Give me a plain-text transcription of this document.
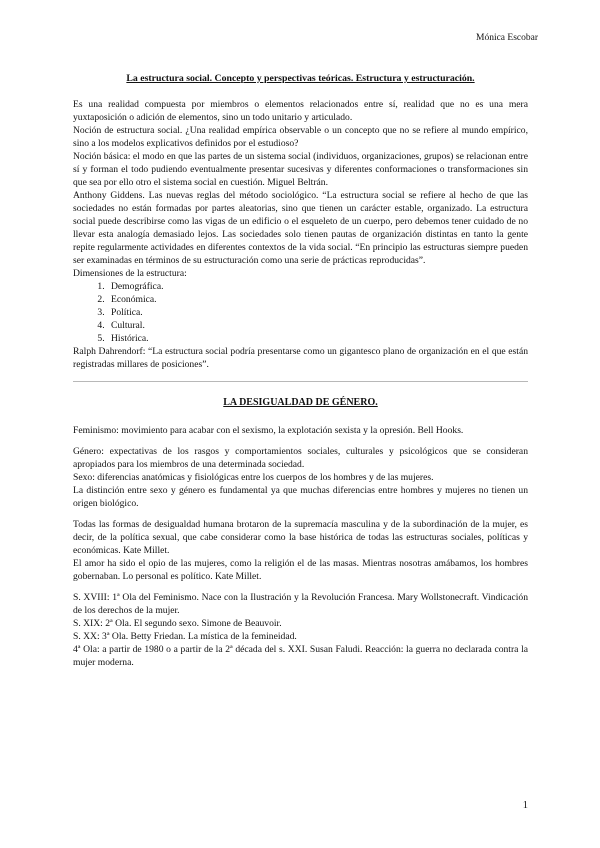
Mónica Escobar
La estructura social. Concepto y perspectivas teóricas. Estructura y estructuración.

Es una realidad compuesta por miembros o elementos relacionados entre sí, realidad que no es una mera yuxtaposición o adición de elementos, sino un todo unitario y articulado.

Noción de estructura social. ¿Una realidad empírica observable o un concepto que no se refiere al mundo empírico, sino a los modelos explicativos definidos por el estudioso?

Noción básica: el modo en que las partes de un sistema social (individuos, organizaciones, grupos) se relacionan entre sí y forman el todo pudiendo eventualmente presentar sucesivas y diferentes conformaciones o transformaciones sin que sea por ello otro el sistema social en cuestión. Miguel Beltrán.

Anthony Giddens. Las nuevas reglas del método sociológico. “La estructura social se refiere al hecho de que las sociedades no están formadas por partes aleatorias, sino que tienen un carácter estable, organizado. La estructura social puede describirse como las vigas de un edificio o el esqueleto de un cuerpo, pero debemos tener cuidado de no llevar esta analogía demasiado lejos. Las sociedades solo tienen pautas de organización distintas en tanto la gente repite regularmente actividades en diferentes contextos de la vida social. “En principio las estructuras siempre pueden ser examinadas en términos de su estructuración como una serie de prácticas reproducidas”.

Dimensiones de la estructura:

1. Demográfica.
2. Económica.
3. Política.
4. Cultural.
5. Histórica.

Ralph Dahrendorf: “La estructura social podría presentarse como un gigantesco plano de organización en el que están registradas millares de posiciones”.

LA DESIGUALDAD DE GÉNERO.

Feminismo: movimiento para acabar con el sexismo, la explotación sexista y la opresión. Bell Hooks.

Género: expectativas de los rasgos y comportamientos sociales, culturales y psicológicos que se consideran apropiados para los miembros de una determinada sociedad.

Sexo: diferencias anatómicas y fisiológicas entre los cuerpos de los hombres y de las mujeres.

La distinción entre sexo y género es fundamental ya que muchas diferencias entre hombres y mujeres no tienen un origen biológico.

Todas las formas de desigualdad humana brotaron de la supremacía masculina y de la subordinación de la mujer, es decir, de la política sexual, que cabe considerar como la base histórica de todas las estructuras sociales, políticas y económicas. Kate Millet.

El amor ha sido el opio de las mujeres, como la religión el de las masas. Mientras nosotras amábamos, los hombres gobernaban. Lo personal es político. Kate Millet.

S. XVIII: 1ª Ola del Feminismo. Nace con la Ilustración y la Revolución Francesa. Mary Wollstonecraft. Vindicación de los derechos de la mujer.

S. XIX: 2ª Ola. El segundo sexo. Simone de Beauvoir.

S. XX: 3ª Ola. Betty Friedan. La mística de la femineidad.

4ª Ola: a partir de 1980 o a partir de la 2ª década del s. XXI. Susan Faludi. Reacción: la guerra no declarada contra la mujer moderna.

1
